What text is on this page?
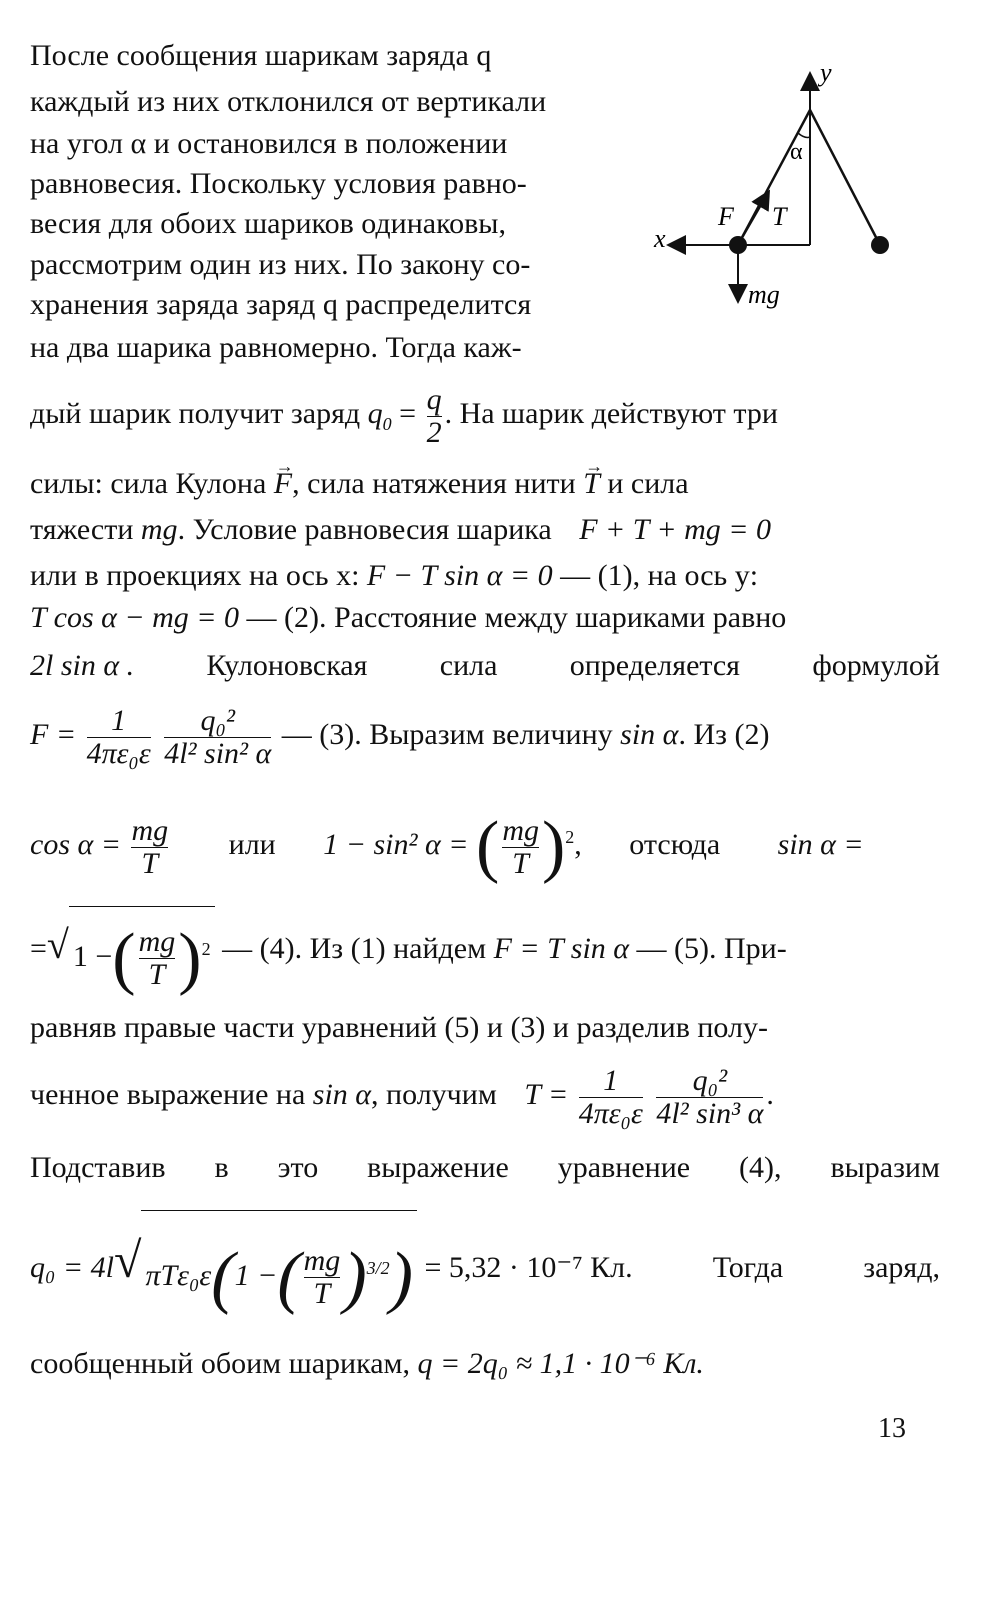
После сообщения шарикам заряда q
каждый из них отклонился от вертикали
на угол α и остановился в положении
равновесия. Поскольку условия равно-
весия для обоих шариков одинаковы,
рассмотрим один из них. По закону со-
хранения заряда заряд q распределится
на два шарика равномерно. Тогда каж-
y
x
α
F T
mg
дый шарик получит заряд $q_0 = \frac{q}{2}$ . На шарик действуют три
силы: сила Кулона → F, сила натяжения нити → T и сила
тяжести mg. Условие равновесия шарика F + T + mg = 0
или в проекциях на ось x: F − T sin α = 0 — (1), на ось y:
T cos α − mg = 0 — (2). Расстояние между шариками равно
2l sin α . Кулоновская сила определяется формулой
$F = \frac{1}{\text{4πε₀ε}}$
$\frac{\text{q₀²}}{\text{4l² sin² α}}$ — (3). Выразим величину sin α. Из (2)
$\cos \alpha = \frac{mg}{T}$ или 1 − sin² α = ( $\frac{mg}{T} )^2$, отсюда sin α =
=√ 1 −( $\frac{mg}{T} )^2$ — (4). Из (1) найдем F = T sin α — (5). При-
равняв правые части уравнений (5) и (3) и разделив полу-
ченное выражение на sin α, получим $T = \frac{1}{\text{4πε₀ε}}$
$\frac{\text{q₀²}}{\text{4l² sin³ α}}$ .
Подставив в это выражение уравнение (4), выразим
q₀ = 4l√ πTε₀ε(1 −( $\frac{mg}{T} )^{3/2}) = 5,32 \cdot 10^{-7}$ Кл.	Тогда	заряд,
сообщенный обоим шарикам, q = 2q₀ ≈ 1,1 · 10⁻⁶ Кл.
13
